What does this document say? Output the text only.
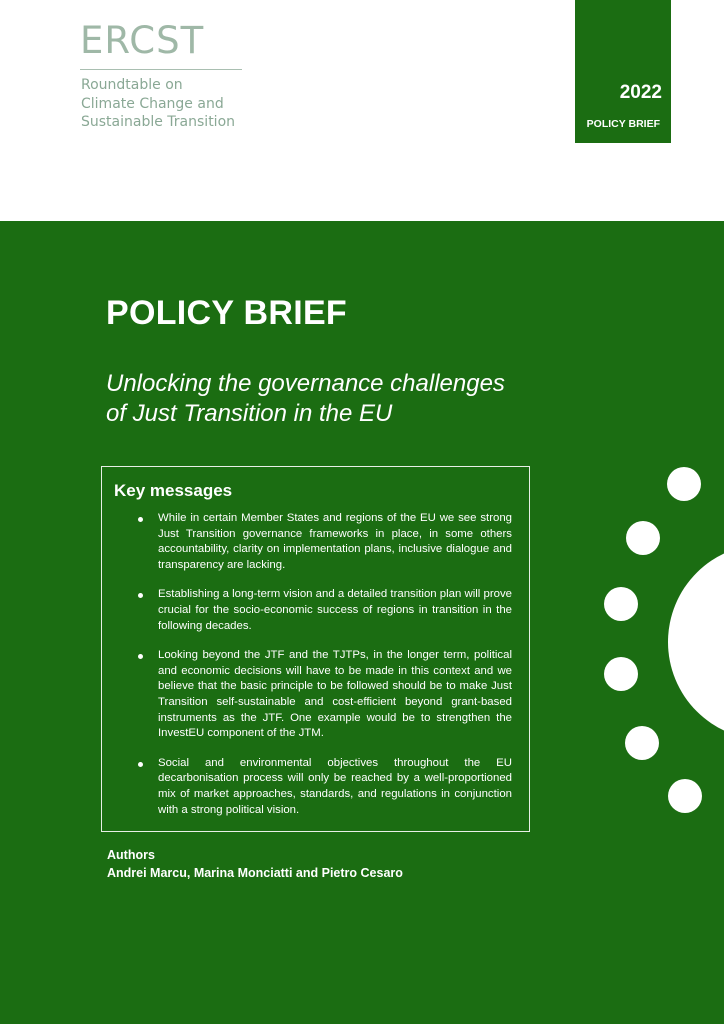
ERCST
Roundtable on
Climate Change and
Sustainable Transition
2022
POLICY BRIEF
POLICY BRIEF
Unlocking the governance challenges
of Just Transition in the EU
Key messages
While in certain Member States and regions of the EU we see strong Just Transition governance frameworks in place, in some others accountability, clarity on implementation plans, inclusive dialogue and transparency are lacking.
Establishing a long-term vision and a detailed transition plan will prove crucial for the socio-economic success of regions in transition in the following decades.
Looking beyond the JTF and the TJTPs, in the longer term, political and economic decisions will have to be made in this context and we believe that the basic principle to be followed should be to make Just Transition self-sustainable and cost-efficient beyond grant-based instruments as the JTF. One example would be to strengthen the InvestEU component of the JTM.
Social and environmental objectives throughout the EU decarbonisation process will only be reached by a well-proportioned mix of market approaches, standards, and regulations in conjunction with a strong political vision.
Authors
Andrei Marcu, Marina Monciatti and Pietro Cesaro
